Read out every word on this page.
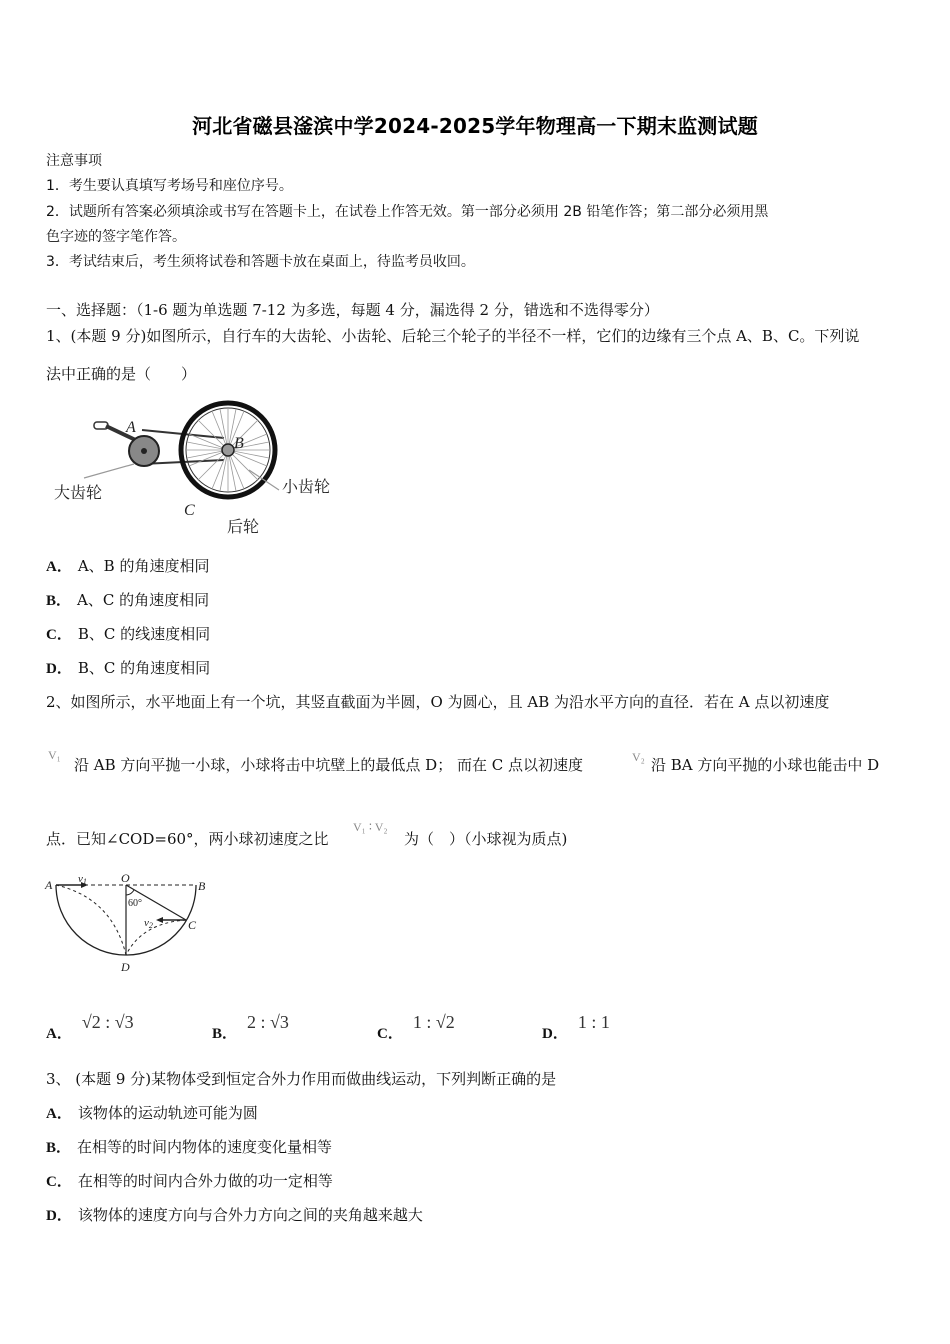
河北省磁县滏滨中学2024-2025学年物理高一下期末监测试题
注意事项
1．考生要认真填写考场号和座位序号。
2．试题所有答案必须填涂或书写在答题卡上，在试卷上作答无效。第一部分必须用 2B 铅笔作答；第二部分必须用黑
色字迹的签字笔作答。
3．考试结束后，考生须将试卷和答题卡放在桌面上，待监考员收回。
一、选择题：（1-6 题为单选题 7-12 为多选，每题 4 分，漏选得 2 分，错选和不选得零分）
1、(本题 9 分)如图所示，自行车的大齿轮、小齿轮、后轮三个轮子的半径不一样，它们的边缘有三个点 A、B、C。下列说
法中正确的是（　　）
A
B
C
大齿轮	小齿轮
后轮
A． A、B 的角速度相同
B． A、C 的角速度相同
C． B、C 的线速度相同
D． B、C 的角速度相同
2、如图所示，水平地面上有一个坑，其竖直截面为半圆，O 为圆心，且 AB 为沿水平方向的直径．若在 A 点以初速度
V₁
沿 AB 方向平抛一小球，小球将击中坑壁上的最低点 D； 而在 C 点以初速度	V₂ 沿 BA 方向平抛的小球也能击中 D
点．已知∠COD=60°，两小球初速度之比
V₁ ∶ V₂
为（　）（小球视为质点)
A	B
O
C
D
v1
v2
60°
A．√2 : √3
B．2 : √3
C．1 : √2
D．1 : 1
3、 (本题 9 分)某物体受到恒定合外力作用而做曲线运动，下列判断正确的是
A． 该物体的运动轨迹可能为圆
B． 在相等的时间内物体的速度变化量相等
C． 在相等的时间内合外力做的功一定相等
D． 该物体的速度方向与合外力方向之间的夹角越来越大
